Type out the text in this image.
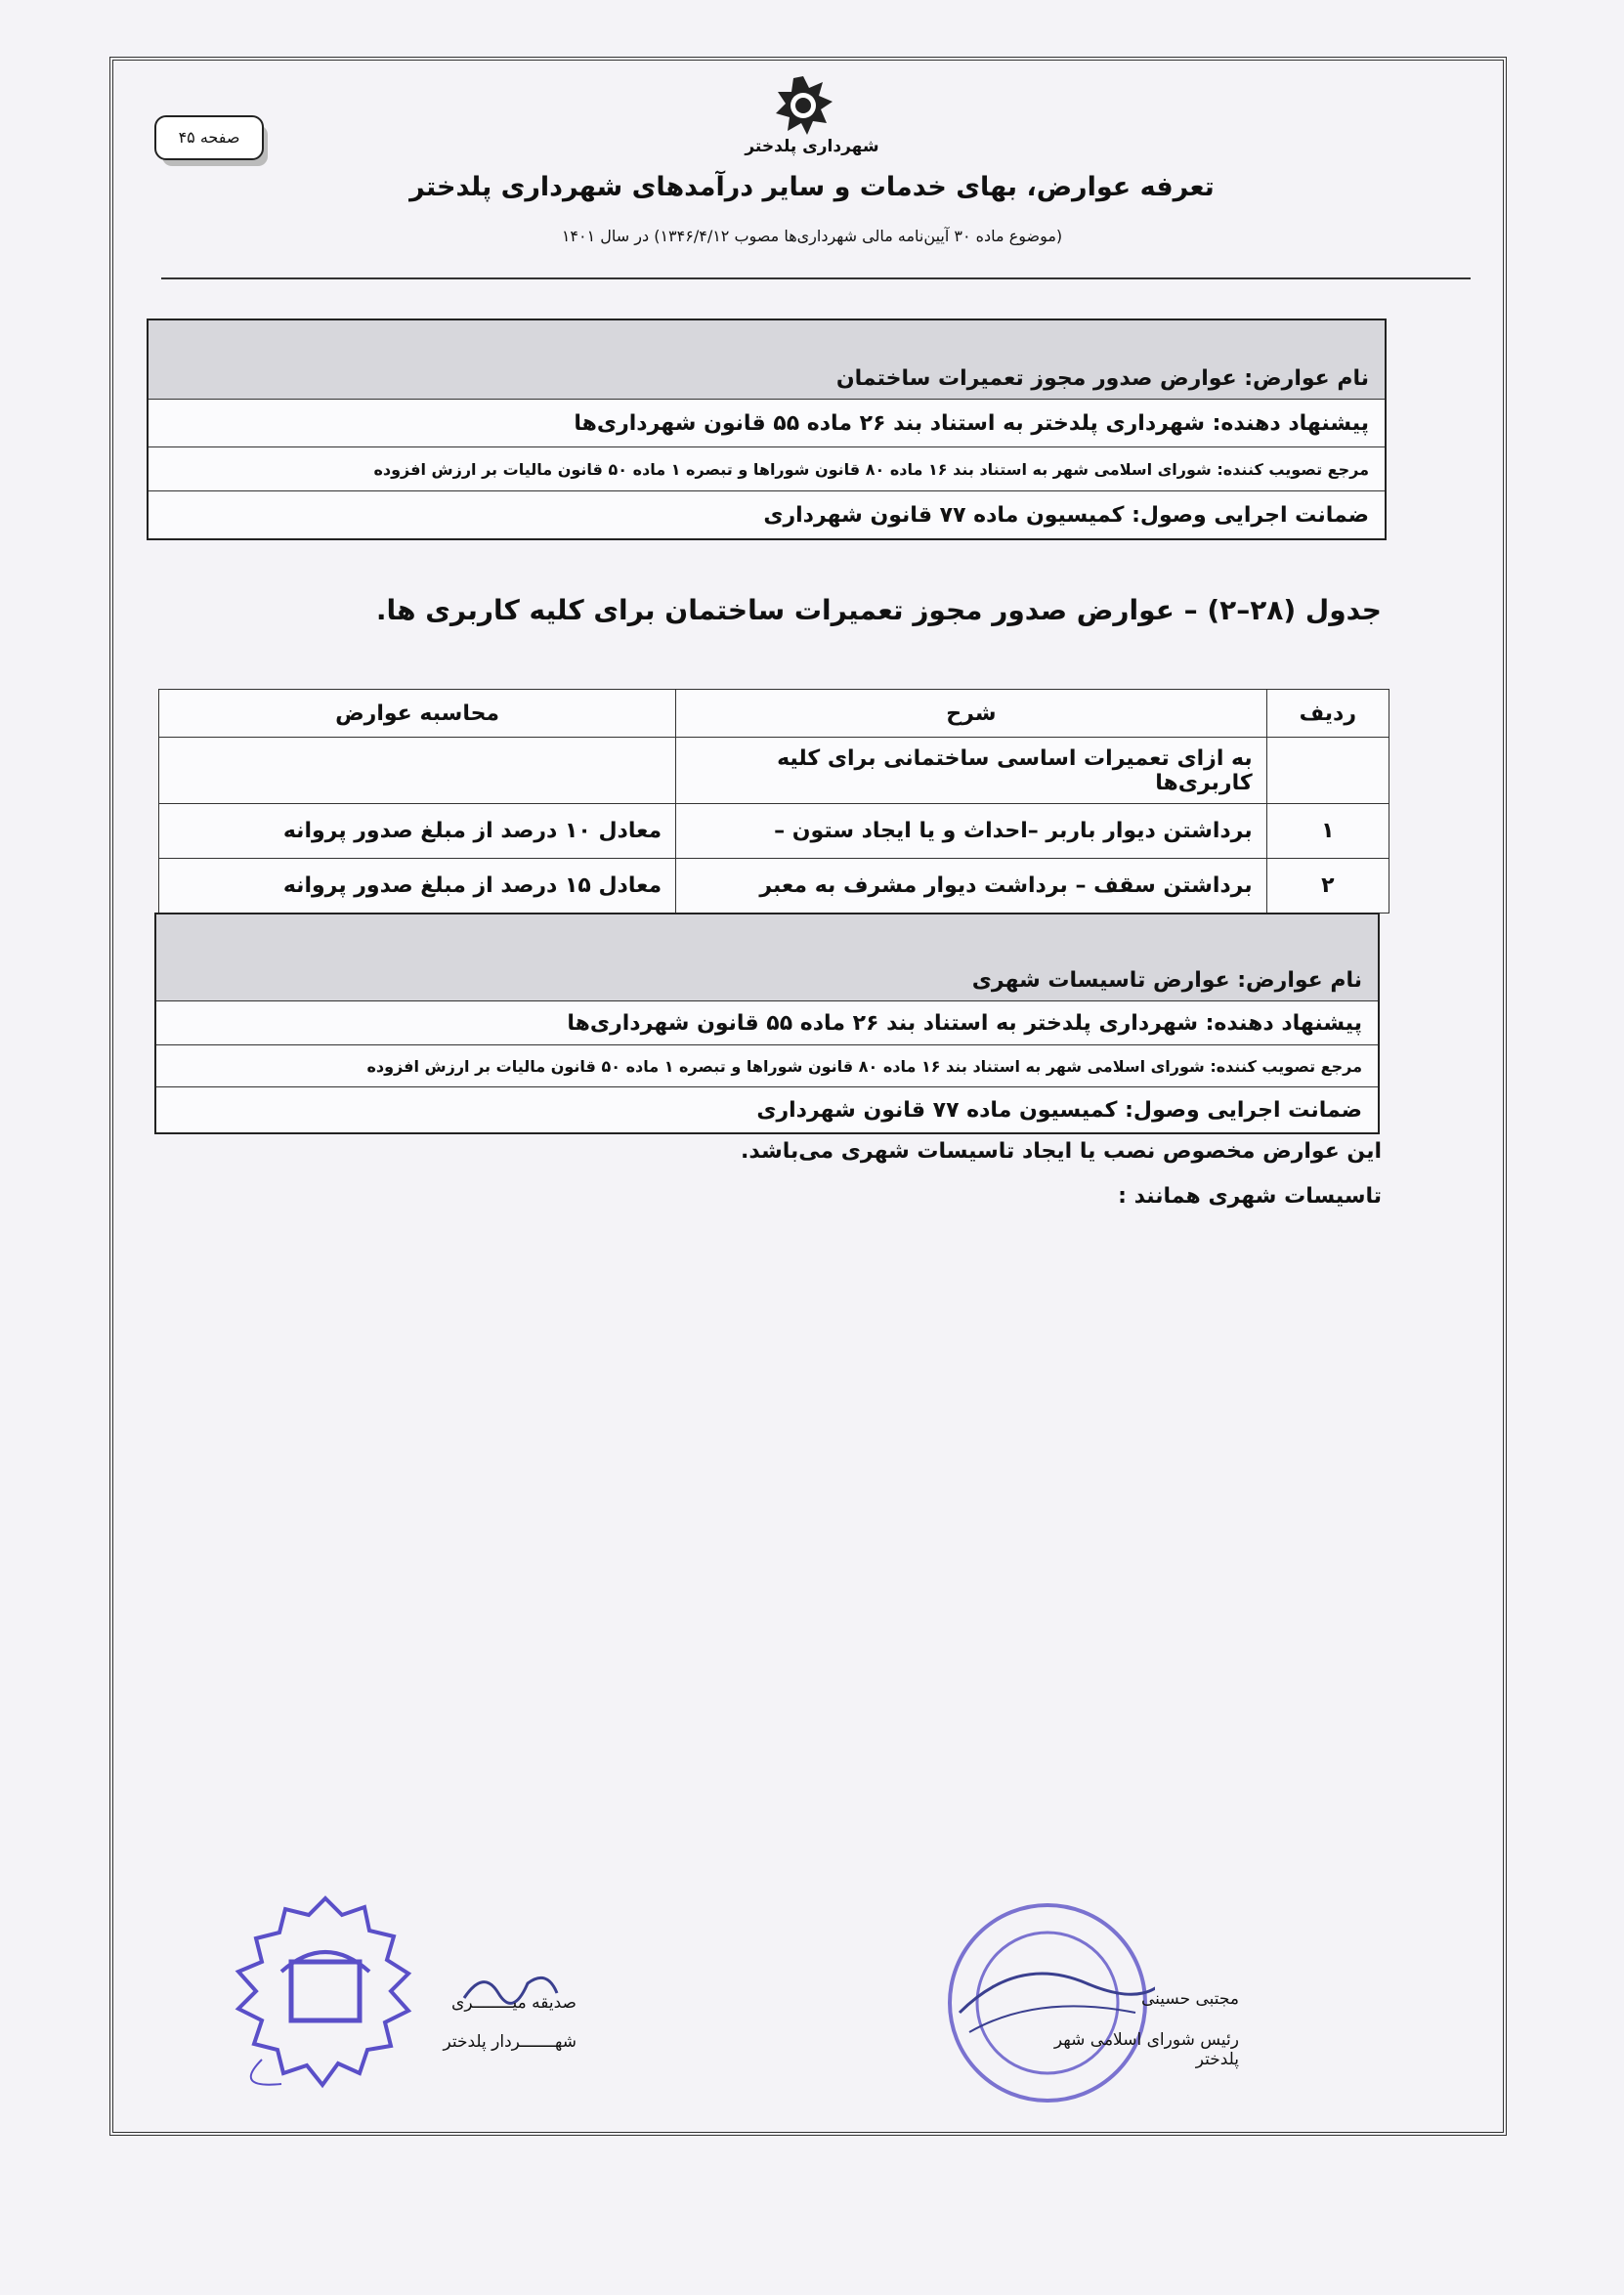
صفحه ۴۵	شهرداری پلدختر
تعرفه عوارض، بهای خدمات و سایر درآمدهای شهرداری پلدختر
(موضوع ماده ۳۰ آیین‌نامه مالی شهرداری‌ها مصوب ۱۳۴۶/۴/۱۲) در سال ۱۴۰۱
نام عوارض: عوارض صدور مجوز تعمیرات ساختمان
پیشنهاد دهنده: شهرداری پلدختر به استناد بند ۲۶ ماده ۵۵ قانون شهرداری‌ها
مرجع تصویب کننده: شورای اسلامی شهر به استناد بند ۱۶ ماده ۸۰ قانون شوراها و تبصره ۱ ماده ۵۰ قانون مالیات بر ارزش افزوده
ضمانت اجرایی وصول: کمیسیون ماده ۷۷ قانون شهرداری
جدول (۲۸–۲) – عوارض صدور مجوز تعمیرات ساختمان برای کلیه کاربری ها.
ردیف	شرح	محاسبه عوارض
	به ازای تعمیرات اساسی ساختمانی برای کلیه کاربری‌ها	
۱	برداشتن دیوار باربر –احداث و یا ایجاد ستون –	معادل ۱۰ درصد از مبلغ صدور پروانه
۲	برداشتن سقف – برداشت دیوار مشرف به معبر	معادل ۱۵ درصد از مبلغ صدور پروانه
نام عوارض: عوارض تاسیسات شهری
پیشنهاد دهنده: شهرداری پلدختر به استناد بند ۲۶ ماده ۵۵ قانون شهرداری‌ها
مرجع تصویب کننده: شورای اسلامی شهر به استناد بند ۱۶ ماده ۸۰ قانون شوراها و تبصره ۱ ماده ۵۰ قانون مالیات بر ارزش افزوده
ضمانت اجرایی وصول: کمیسیون ماده ۷۷ قانون شهرداری
این عوارض مخصوص نصب یا ایجاد تاسیسات شهری می‌باشد.
تاسیسات شهری همانند :
صدیقه میــــــــری
شهـــــــردار پلدختر
مجتبی حسینی
رئیس شورای اسلامی شهر پلدختر
